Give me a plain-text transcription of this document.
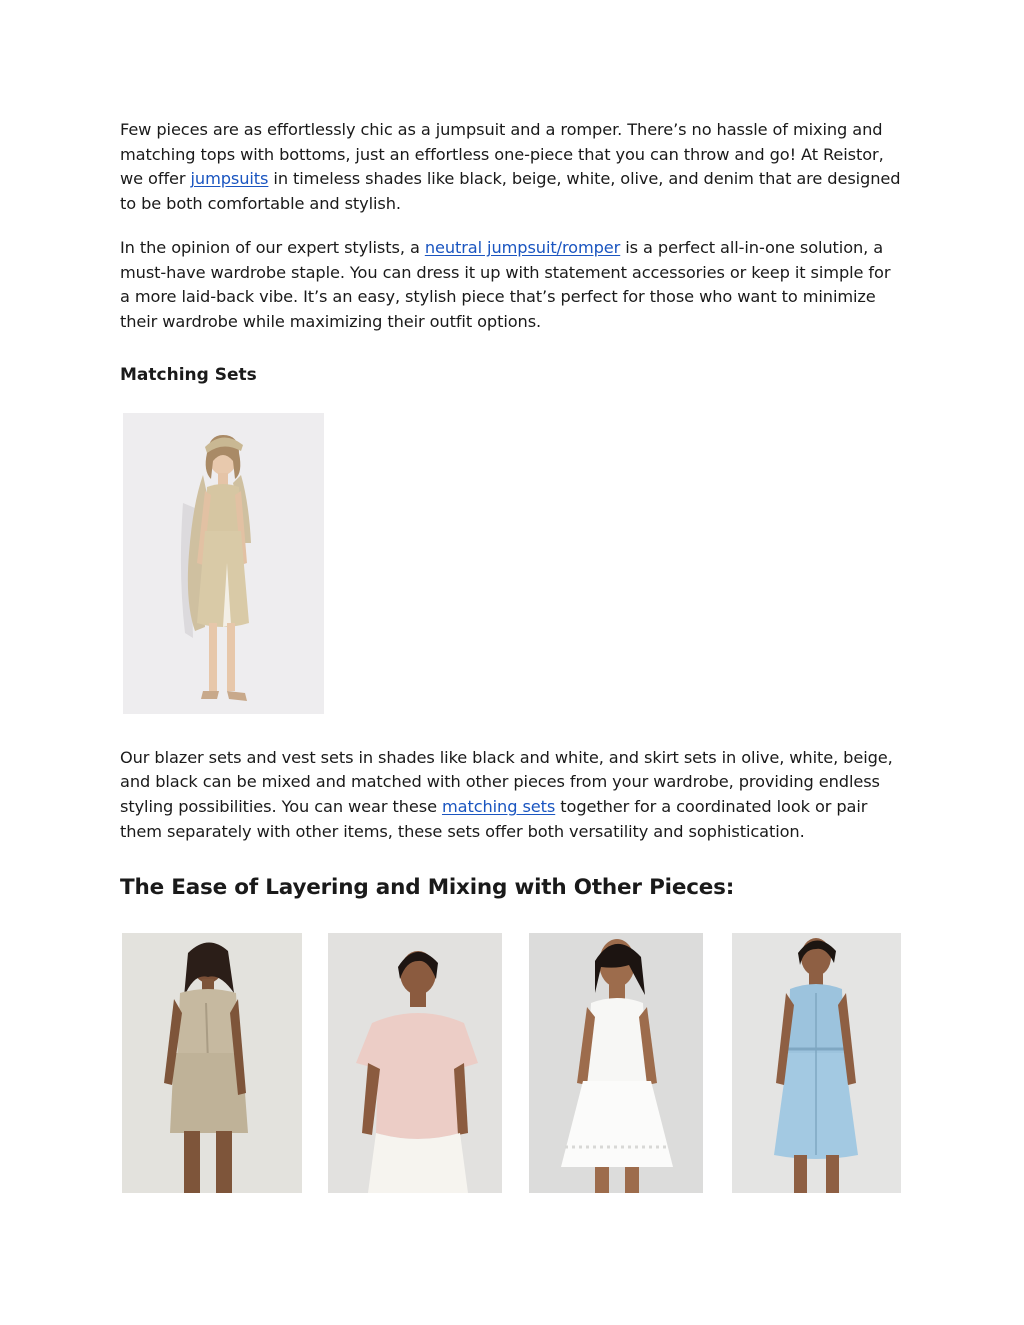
Few pieces are as effortlessly chic as a jumpsuit and a romper. There’s no hassle of mixing and matching tops with bottoms, just an effortless one-piece that you can throw and go! At Reistor, we offer jumpsuits in timeless shades like black, beige, white, olive, and denim that are designed to be both comfortable and stylish.

In the opinion of our expert stylists, a neutral jumpsuit/romper is a perfect all-in-one solution, a must-have wardrobe staple. You can dress it up with statement accessories or keep it simple for a more laid-back vibe. It’s an easy, stylish piece that’s perfect for those who want to minimize their wardrobe while maximizing their outfit options.

Matching Sets

Our blazer sets and vest sets in shades like black and white, and skirt sets in olive, white, beige, and black can be mixed and matched with other pieces from your wardrobe, providing endless styling possibilities. You can wear these matching sets together for a coordinated look or pair them separately with other items, these sets offer both versatility and sophistication.

The Ease of Layering and Mixing with Other Pieces:
